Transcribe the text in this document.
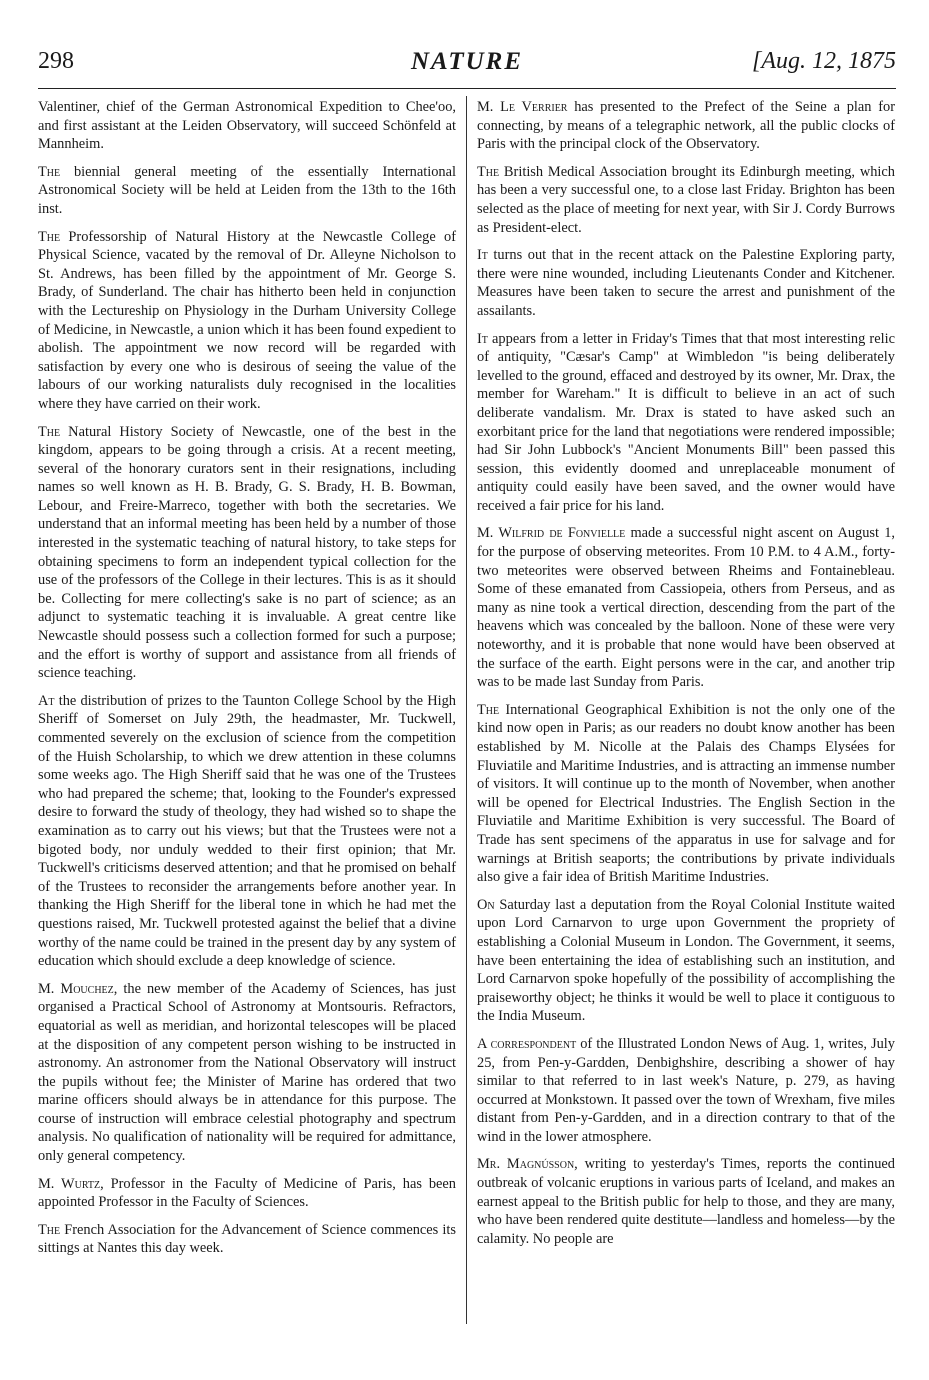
298	NATURE	[Aug. 12, 1875

Valentiner, chief of the German Astronomical Expedition to Chee'oo, and first assistant at the Leiden Observatory, will succeed Schönfeld at Mannheim.

The biennial general meeting of the essentially International Astronomical Society will be held at Leiden from the 13th to the 16th inst.

The Professorship of Natural History at the Newcastle College of Physical Science, vacated by the removal of Dr. Alleyne Nicholson to St. Andrews, has been filled by the appointment of Mr. George S. Brady, of Sunderland. The chair has hitherto been held in conjunction with the Lectureship on Physiology in the Durham University College of Medicine, in Newcastle, a union which it has been found expedient to abolish. The appointment we now record will be regarded with satisfaction by every one who is desirous of seeing the value of the labours of our working naturalists duly recognised in the localities where they have carried on their work.

The Natural History Society of Newcastle, one of the best in the kingdom, appears to be going through a crisis. At a recent meeting, several of the honorary curators sent in their resignations, including names so well known as H. B. Brady, G. S. Brady, H. B. Bowman, Lebour, and Freire-Marreco, together with both the secretaries. We understand that an informal meeting has been held by a number of those interested in the systematic teaching of natural history, to take steps for obtaining specimens to form an independent typical collection for the use of the professors of the College in their lectures. This is as it should be. Collecting for mere collecting's sake is no part of science; as an adjunct to systematic teaching it is invaluable. A great centre like Newcastle should possess such a collection formed for such a purpose; and the effort is worthy of support and assistance from all friends of science teaching.

At the distribution of prizes to the Taunton College School by the High Sheriff of Somerset on July 29th, the headmaster, Mr. Tuckwell, commented severely on the exclusion of science from the competition of the Huish Scholarship, to which we drew attention in these columns some weeks ago. The High Sheriff said that he was one of the Trustees who had prepared the scheme; that, looking to the Founder's expressed desire to forward the study of theology, they had wished so to shape the examination as to carry out his views; but that the Trustees were not a bigoted body, nor unduly wedded to their first opinion; that Mr. Tuckwell's criticisms deserved attention; and that he promised on behalf of the Trustees to reconsider the arrangements before another year. In thanking the High Sheriff for the liberal tone in which he had met the questions raised, Mr. Tuckwell protested against the belief that a divine worthy of the name could be trained in the present day by any system of education which should exclude a deep knowledge of science.

M. Mouchez, the new member of the Academy of Sciences, has just organised a Practical School of Astronomy at Montsouris. Refractors, equatorial as well as meridian, and horizontal telescopes will be placed at the disposition of any competent person wishing to be instructed in astronomy. An astronomer from the National Observatory will instruct the pupils without fee; the Minister of Marine has ordered that two marine officers should always be in attendance for this purpose. The course of instruction will embrace celestial photography and spectrum analysis. No qualification of nationality will be required for admittance, only general competency.

M. Wurtz, Professor in the Faculty of Medicine of Paris, has been appointed Professor in the Faculty of Sciences.

The French Association for the Advancement of Science commences its sittings at Nantes this day week.

M. Le Verrier has presented to the Prefect of the Seine a plan for connecting, by means of a telegraphic network, all the public clocks of Paris with the principal clock of the Observatory.

The British Medical Association brought its Edinburgh meeting, which has been a very successful one, to a close last Friday. Brighton has been selected as the place of meeting for next year, with Sir J. Cordy Burrows as President-elect.

It turns out that in the recent attack on the Palestine Exploring party, there were nine wounded, including Lieutenants Conder and Kitchener. Measures have been taken to secure the arrest and punishment of the assailants.

It appears from a letter in Friday's Times that that most interesting relic of antiquity, "Cæsar's Camp" at Wimbledon "is being deliberately levelled to the ground, effaced and destroyed by its owner, Mr. Drax, the member for Wareham." It is difficult to believe in an act of such deliberate vandalism. Mr. Drax is stated to have asked such an exorbitant price for the land that negotiations were rendered impossible; had Sir John Lubbock's "Ancient Monuments Bill" been passed this session, this evidently doomed and unreplaceable monument of antiquity could easily have been saved, and the owner would have received a fair price for his land.

M. Wilfrid de Fonvielle made a successful night ascent on August 1, for the purpose of observing meteorites. From 10 P.M. to 4 A.M., forty-two meteorites were observed between Rheims and Fontainebleau. Some of these emanated from Cassiopeia, others from Perseus, and as many as nine took a vertical direction, descending from the part of the heavens which was concealed by the balloon. None of these were very noteworthy, and it is probable that none would have been observed at the surface of the earth. Eight persons were in the car, and another trip was to be made last Sunday from Paris.

The International Geographical Exhibition is not the only one of the kind now open in Paris; as our readers no doubt know another has been established by M. Nicolle at the Palais des Champs Elysées for Fluviatile and Maritime Industries, and is attracting an immense number of visitors. It will continue up to the month of November, when another will be opened for Electrical Industries. The English Section in the Fluviatile and Maritime Exhibition is very successful. The Board of Trade has sent specimens of the apparatus in use for salvage and for warnings at British seaports; the contributions by private individuals also give a fair idea of British Maritime Industries.

On Saturday last a deputation from the Royal Colonial Institute waited upon Lord Carnarvon to urge upon Government the propriety of establishing a Colonial Museum in London. The Government, it seems, have been entertaining the idea of establishing such an institution, and Lord Carnarvon spoke hopefully of the possibility of accomplishing the praiseworthy object; he thinks it would be well to place it contiguous to the India Museum.

A correspondent of the Illustrated London News of Aug. 1, writes, July 25, from Pen-y-Gardden, Denbighshire, describing a shower of hay similar to that referred to in last week's Nature, p. 279, as having occurred at Monkstown. It passed over the town of Wrexham, five miles distant from Pen-y-Gardden, and in a direction contrary to that of the wind in the lower atmosphere.

Mr. Magnússon, writing to yesterday's Times, reports the continued outbreak of volcanic eruptions in various parts of Iceland, and makes an earnest appeal to the British public for help to those, and they are many, who have been rendered quite destitute—landless and homeless—by the calamity. No people are
